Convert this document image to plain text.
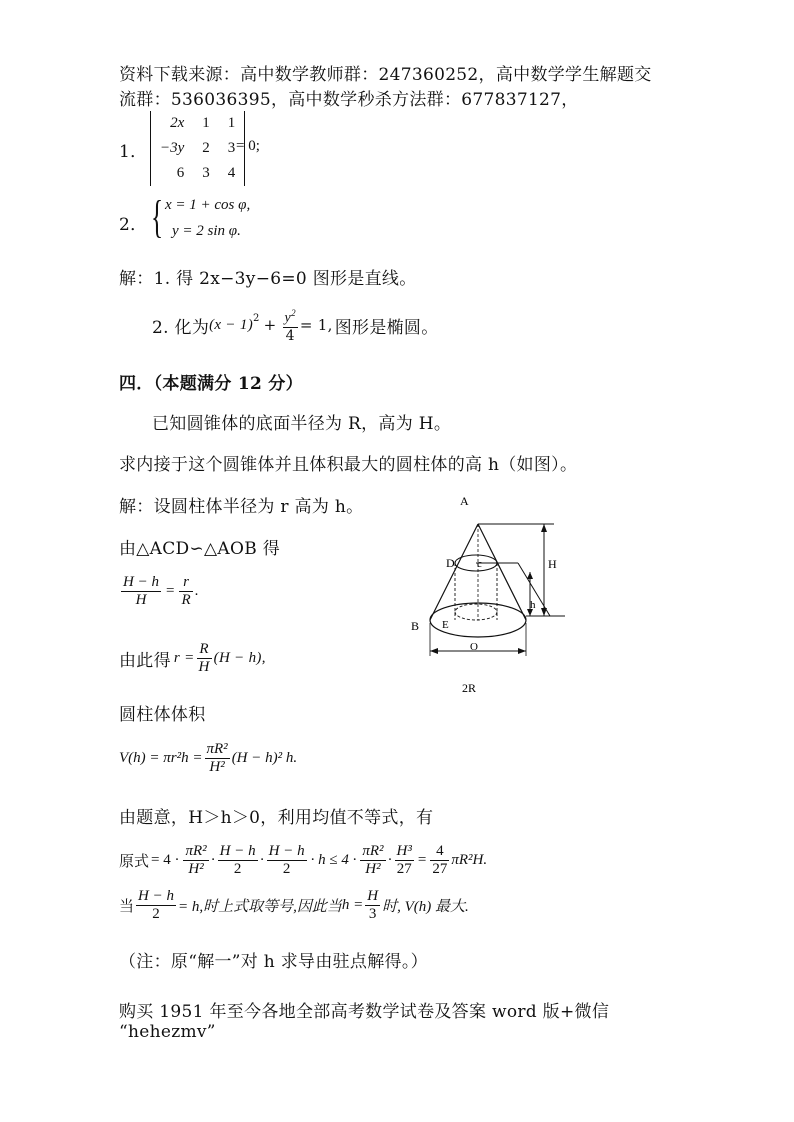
资料下载来源：高中数学教师群：247360252，高中数学学生解题交
流群：536036395，高中数学秒杀方法群：677837127，
1．
2x	1	1
−3y	2	3
6	3	4
= 0;
2． { x = 1 + cos φ,
y = 2 sin φ.
解：1. 得 2x−3y−6=0 图形是直线。
2. 化为 $(x - 1)^2 + \frac{y^2}{4} = 1$, 图形是椭圆。
四．（本题满分 12 分）
已知圆锥体的底面半径为 R，高为 H。
求内接于这个圆锥体并且体积最大的圆柱体的高 h（如图）。
解：设圆柱体半径为 r 高为 h。
由△ACD∽△AOB 得
$\frac{H - h}{H} = \frac{r}{R}$ .
由此得 $r = \frac{R}{H} (H - h)$,
圆柱体体积
$V(h) = \pi r^2h = \frac{\text{πR²}}{\text{H²}} (H - h)^2$ h.
由题意，H＞h＞0，利用均值不等式，有
原式 = $4 \cdot \frac{\text{πR²}}{\text{H²}} \cdot \frac{H - h}{2} \cdot \frac{H - h}{2} \cdot h \le 4 \cdot \frac{\text{πR²}}{\text{H²}} \cdot \frac{\text{H³}}{27} = \frac{4}{27} \pi R^2H$.
当 $\frac{H - h}{2} = h$,时上式取等号,因此当 $h = \frac{H}{3}$ 时, V(h) 最大.
（注：原“解一”对 h 求导由驻点解得。）
购买 1951 年至今各地全部高考数学试卷及答案 word 版+微信
“hehezmv”
A
D c	H
h
B E
O
2R
